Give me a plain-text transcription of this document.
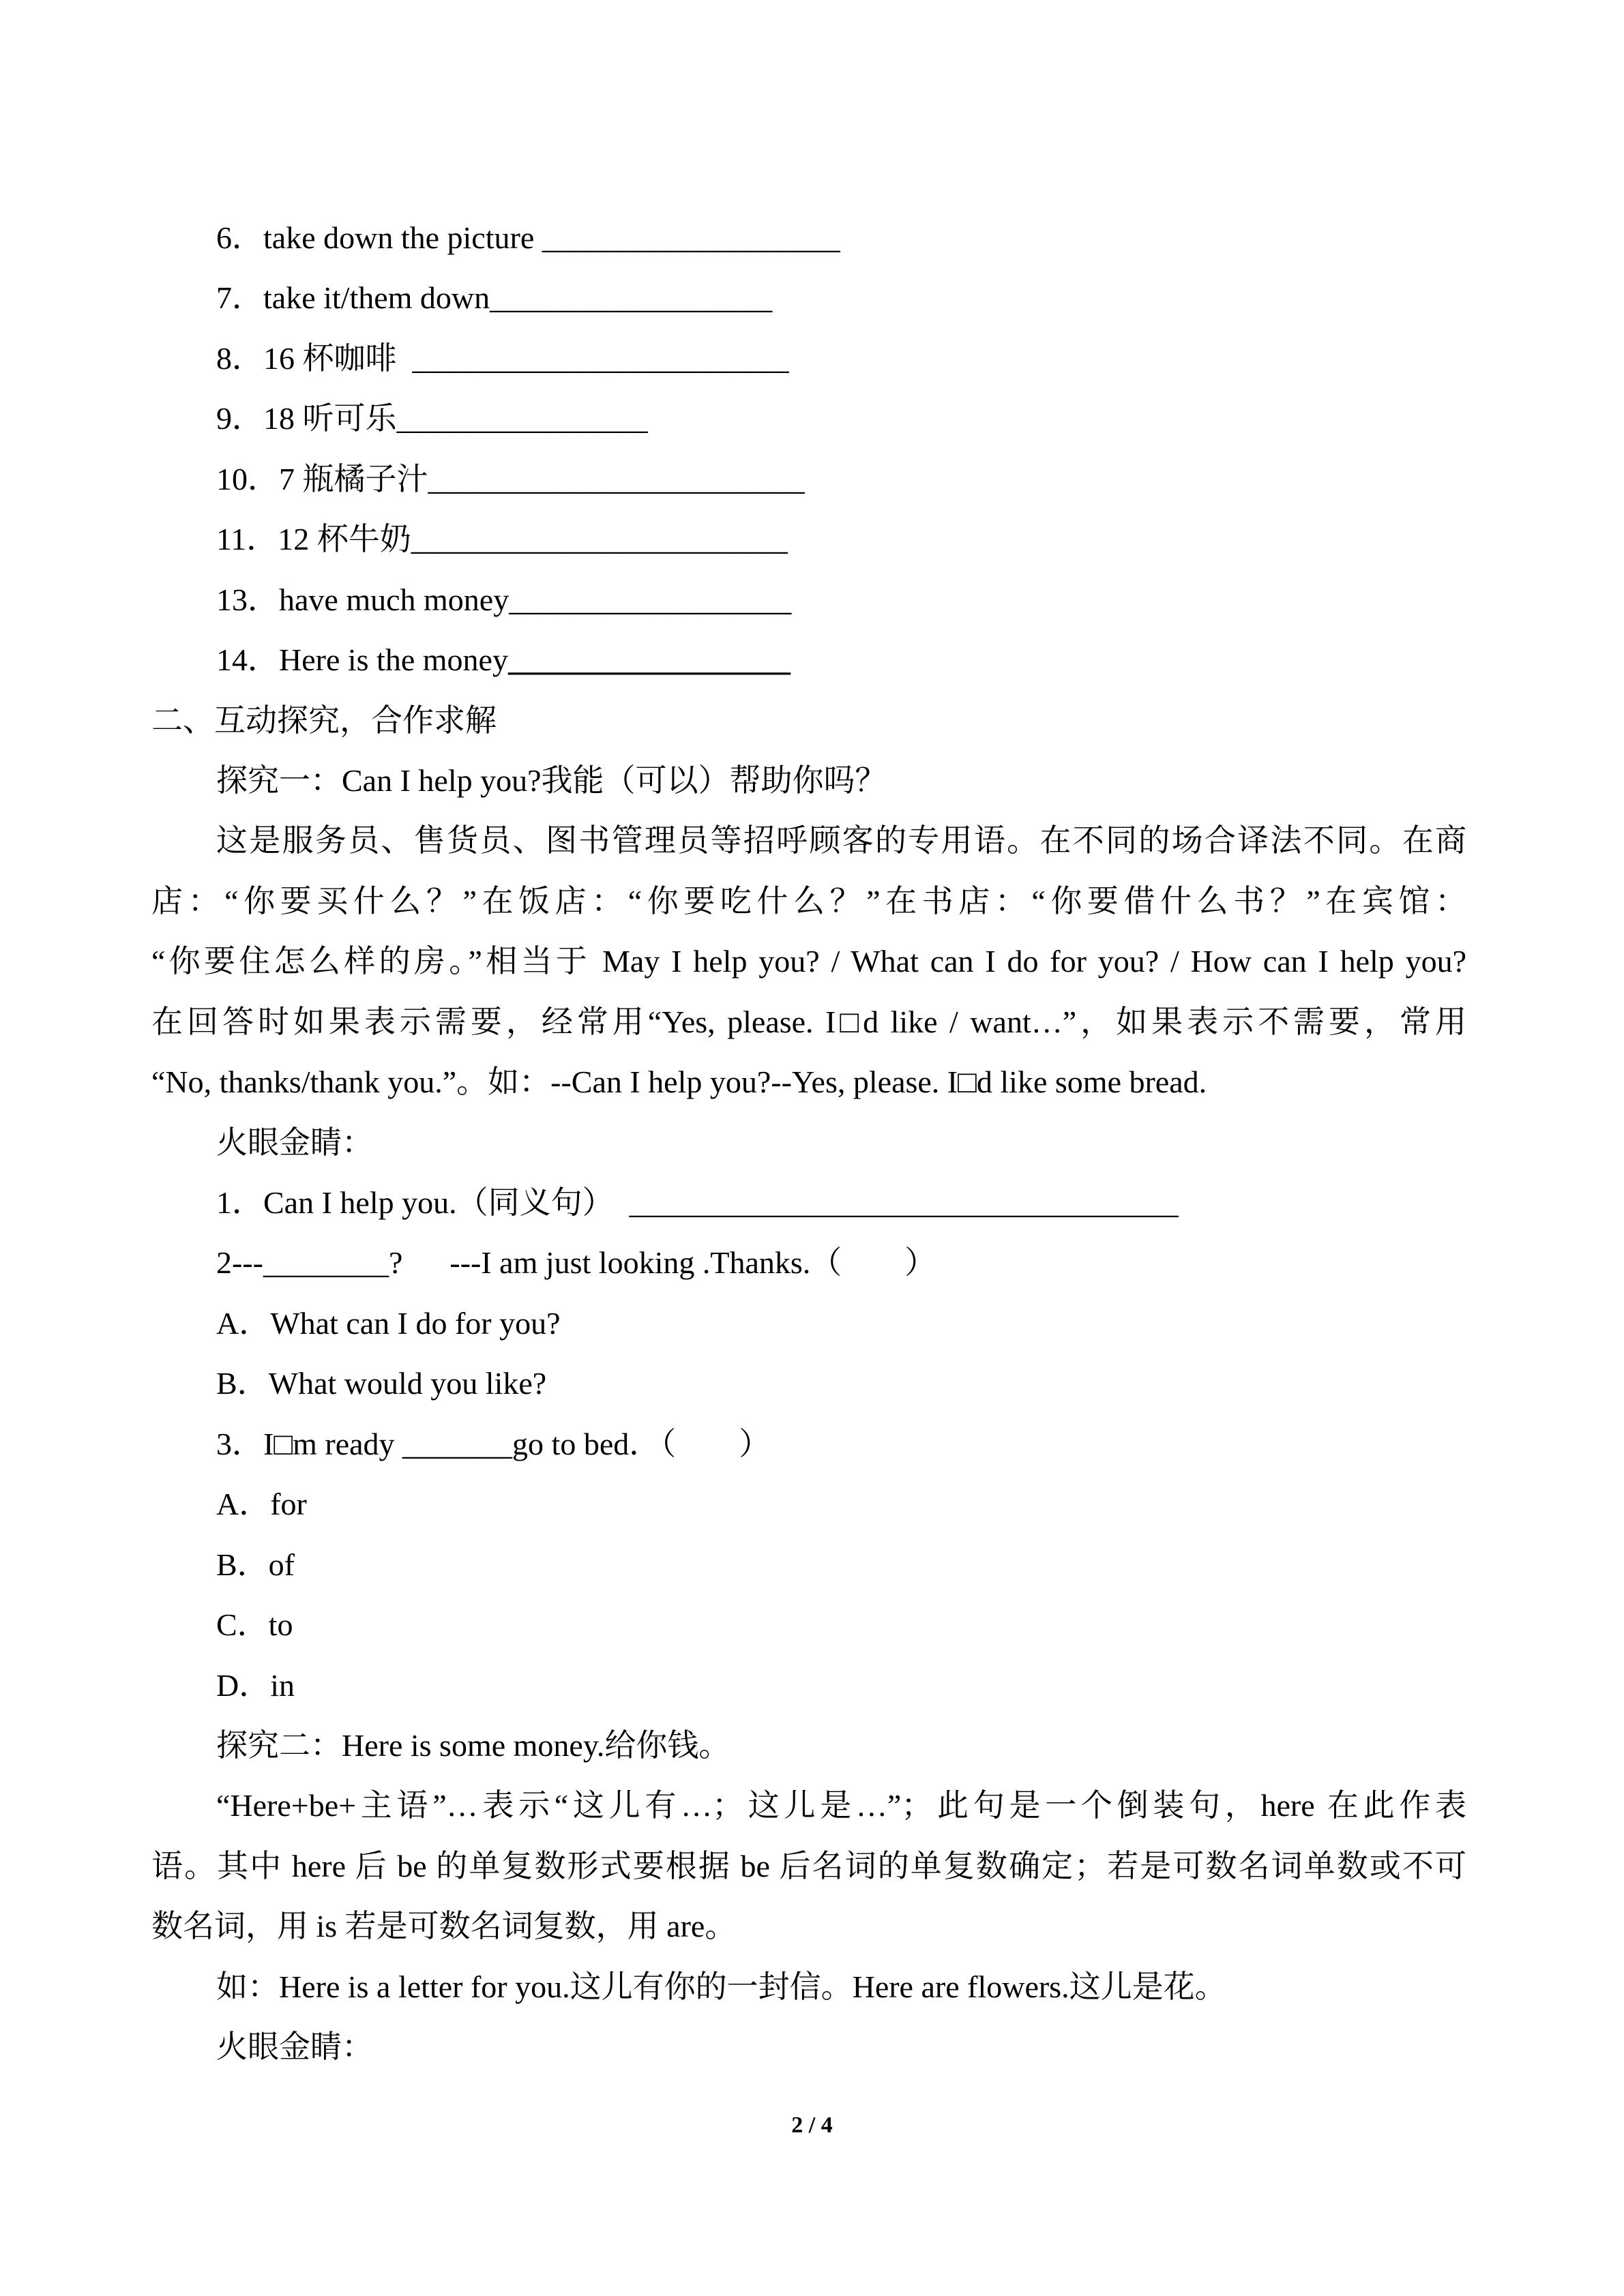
6．take down the picture ___________________
7．take it/them down__________________
8．16 杯咖啡  ________________________
9．18 听可乐________________
10．7 瓶橘子汁________________________
11．12 杯牛奶________________________
13．have much money__________________
14．Here is the money__________________
二、互动探究，合作求解
探究一：Can I help you?我能（可以）帮助你吗？
这是服务员、售货员、图书管理员等招呼顾客的专用语。在不同的场合译法不同。在商
店：“你要买什么？”在饭店：“你要吃什么？”在书店：“你要借什么书？”在宾馆：
“你要住怎么样的房。”相当于 May I help you? / What can I do for you? / How can I help you?
在回答时如果表示需要，经常用“Yes, please. I□d like / want…”，如果表示不需要，常用
“No, thanks/thank you.”。如：--Can I help you?--Yes, please. I□d like some bread.
火眼金睛：
1．Can I help you.（同义句）  ___________________________________
2---________?      ---I am just looking .Thanks.（        ）
A．What can I do for you?
B．What would you like?
3．I□m ready _______go to bed．（        ）
A．for
B．of
C．to
D．in
探究二：Here is some money.给你钱。
“Here+be+主语”…表示“这儿有…；这儿是…”；此句是一个倒装句，here 在此作表
语。其中 here 后 be 的单复数形式要根据 be 后名词的单复数确定；若是可数名词单数或不可
数名词，用 is 若是可数名词复数，用 are。
如：Here is a letter for you.这儿有你的一封信。Here are flowers.这儿是花。
火眼金睛：
2 / 4
